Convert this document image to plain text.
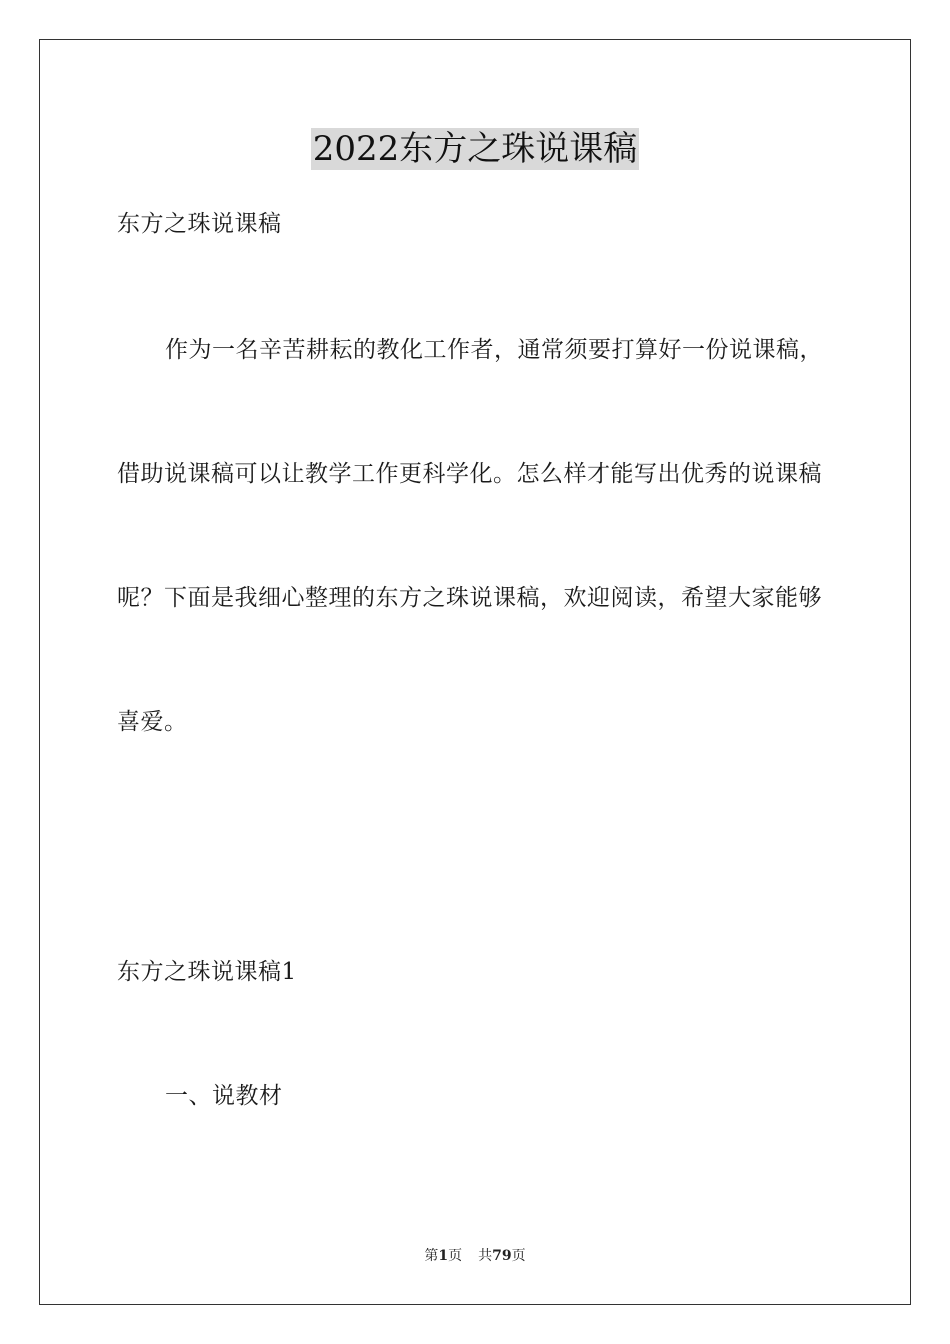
2022东方之珠说课稿
东方之珠说课稿
作为一名辛苦耕耘的教化工作者，通常须要打算好一份说课稿，
借助说课稿可以让教学工作更科学化。怎么样才能写出优秀的说课稿
呢？下面是我细心整理的东方之珠说课稿，欢迎阅读，希望大家能够
喜爱。
东方之珠说课稿1
一、说教材
第1页 共79页
